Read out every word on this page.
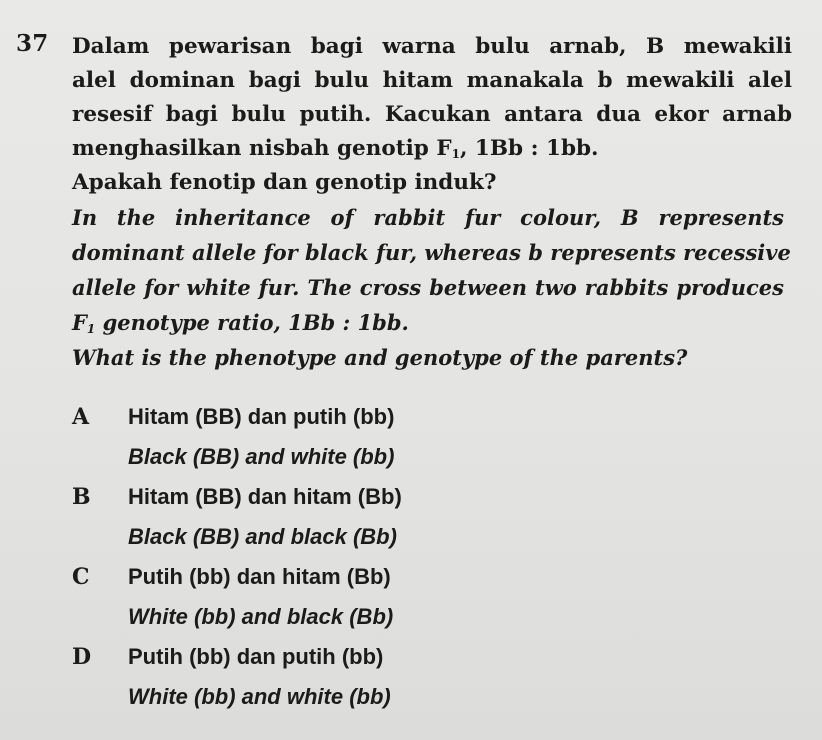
37 Dalam pewarisan bagi warna bulu arnab, B mewakili
alel dominan bagi bulu hitam manakala b mewakili alel
resesif bagi bulu putih. Kacukan antara dua ekor arnab
menghasilkan nisbah genotip $F_1$, 1Bb : 1bb.
Apakah fenotip dan genotip induk?
In the inheritance of rabbit fur colour, B represents
dominant allele for black fur, whereas b represents recessive
allele for white fur. The cross between two rabbits produces
$F_1$ genotype ratio, 1Bb : 1bb.
What is the phenotype and genotype of the parents?
A Hitam (BB) dan putih (bb)
Black (BB) and white (bb)
B Hitam (BB) dan hitam (Bb)
Black (BB) and black (Bb)
C Putih (bb) dan hitam (Bb)
White (bb) and black (Bb)
D Putih (bb) dan putih (bb)
White (bb) and white (bb)
